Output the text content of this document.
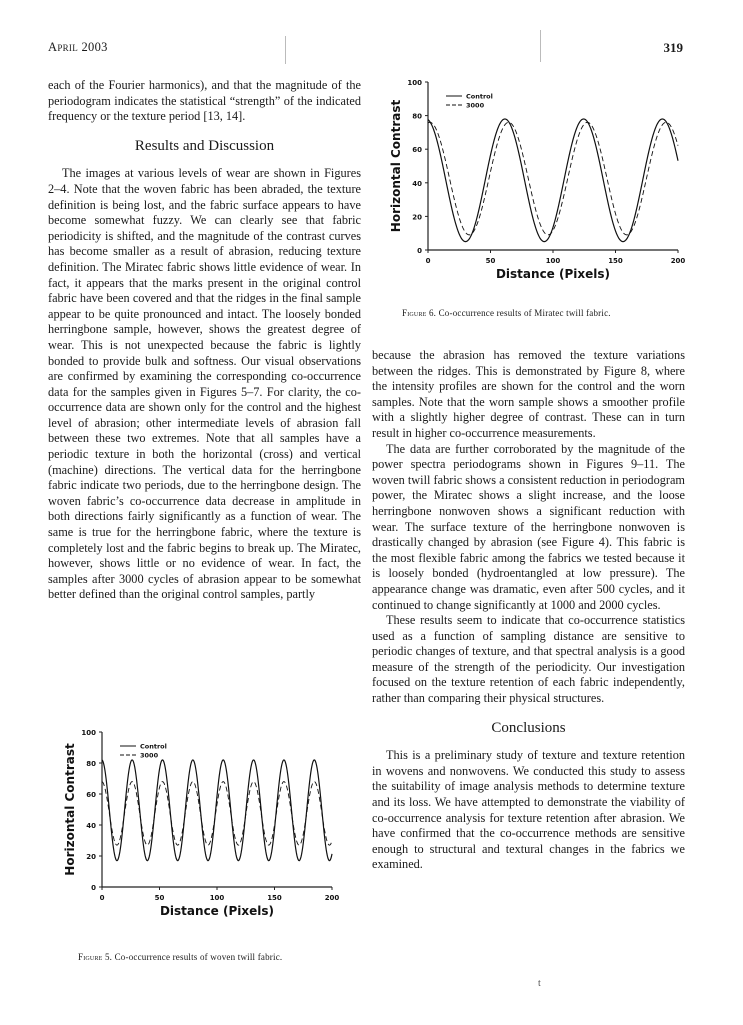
April 2003	319

each of the Fourier harmonics), and that the magnitude of the periodogram indicates the statistical “strength” of the indicated frequency or the texture period [13, 14].

Results and Discussion

The images at various levels of wear are shown in Figures 2–4. Note that the woven fabric has been abraded, the texture definition is being lost, and the fabric surface appears to have become somewhat fuzzy. We can clearly see that fabric periodicity is shifted, and the magnitude of the contrast curves has become smaller as a result of abrasion, reducing texture definition. The Miratec fabric shows little evidence of wear. In fact, it appears that the marks present in the original control fabric have been covered and that the ridges in the final sample appear to be quite pronounced and intact. The loosely bonded herringbone sample, however, shows the greatest degree of wear. This is not unexpected because the fabric is lightly bonded to provide bulk and softness. Our visual observations are confirmed by examining the corresponding co-occurrence data for the samples given in Figures 5–7. For clarity, the co-occurrence data are shown only for the control and the highest level of abrasion; other intermediate levels of abrasion fall between these two extremes. Note that all samples have a periodic texture in both the horizontal (cross) and vertical (machine) directions. The vertical data for the herringbone fabric indicate two periods, due to the herringbone design. The woven fabric’s co-occurrence data decrease in amplitude in both directions fairly significantly as a function of wear. The same is true for the herringbone fabric, where the texture is completely lost and the fabric begins to break up. The Miratec, however, shows little or no evidence of wear. In fact, the samples after 3000 cycles of abrasion appear to be somewhat better defined than the original control samples, partly

0
20
40
60
80
100
0	50	100	150	200
Distance (Pixels)
Horizontal Contrast
Control
3000
Figure 6. Co-occurrence results of Miratec twill fabric.

because the abrasion has removed the texture variations between the ridges. This is demonstrated by Figure 8, where the intensity profiles are shown for the control and the worn samples. Note that the worn sample shows a smoother profile with a slightly higher degree of contrast. These can in turn result in higher co-occurrence measurements.

The data are further corroborated by the magnitude of the power spectra periodograms shown in Figures 9–11. The woven twill fabric shows a consistent reduction in periodogram power, the Miratec shows a slight increase, and the loose herringbone nonwoven shows a significant reduction with wear. The surface texture of the herringbone nonwoven is drastically changed by abrasion (see Figure 4). This fabric is the most flexible fabric among the fabrics we tested because it is loosely bonded (hydroentangled at low pressure). The appearance change was dramatic, even after 500 cycles, and it continued to change significantly at 1000 and 2000 cycles.

These results seem to indicate that co-occurrence statistics used as a function of sampling distance are sensitive to periodic changes of texture, and that spectral analysis is a good measure of the strength of the periodicity. Our investigation focused on the texture retention of each fabric independently, rather than comparing their physical structures.

Conclusions

This is a preliminary study of texture and texture retention in wovens and nonwovens. We conducted this study to assess the suitability of image analysis methods to determine texture and its loss. We have attempted to demonstrate the viability of co-occurrence analysis for texture retention after abrasion. We have confirmed that the co-occurrence methods are sensitive enough to structural and textural changes in the fabrics we examined.

0
20
40
60
80
100
0	50	100	150	200
Distance (Pixels)
Horizontal Contrast	Control
3000
Figure 5. Co-occurrence results of woven twill fabric.
t
